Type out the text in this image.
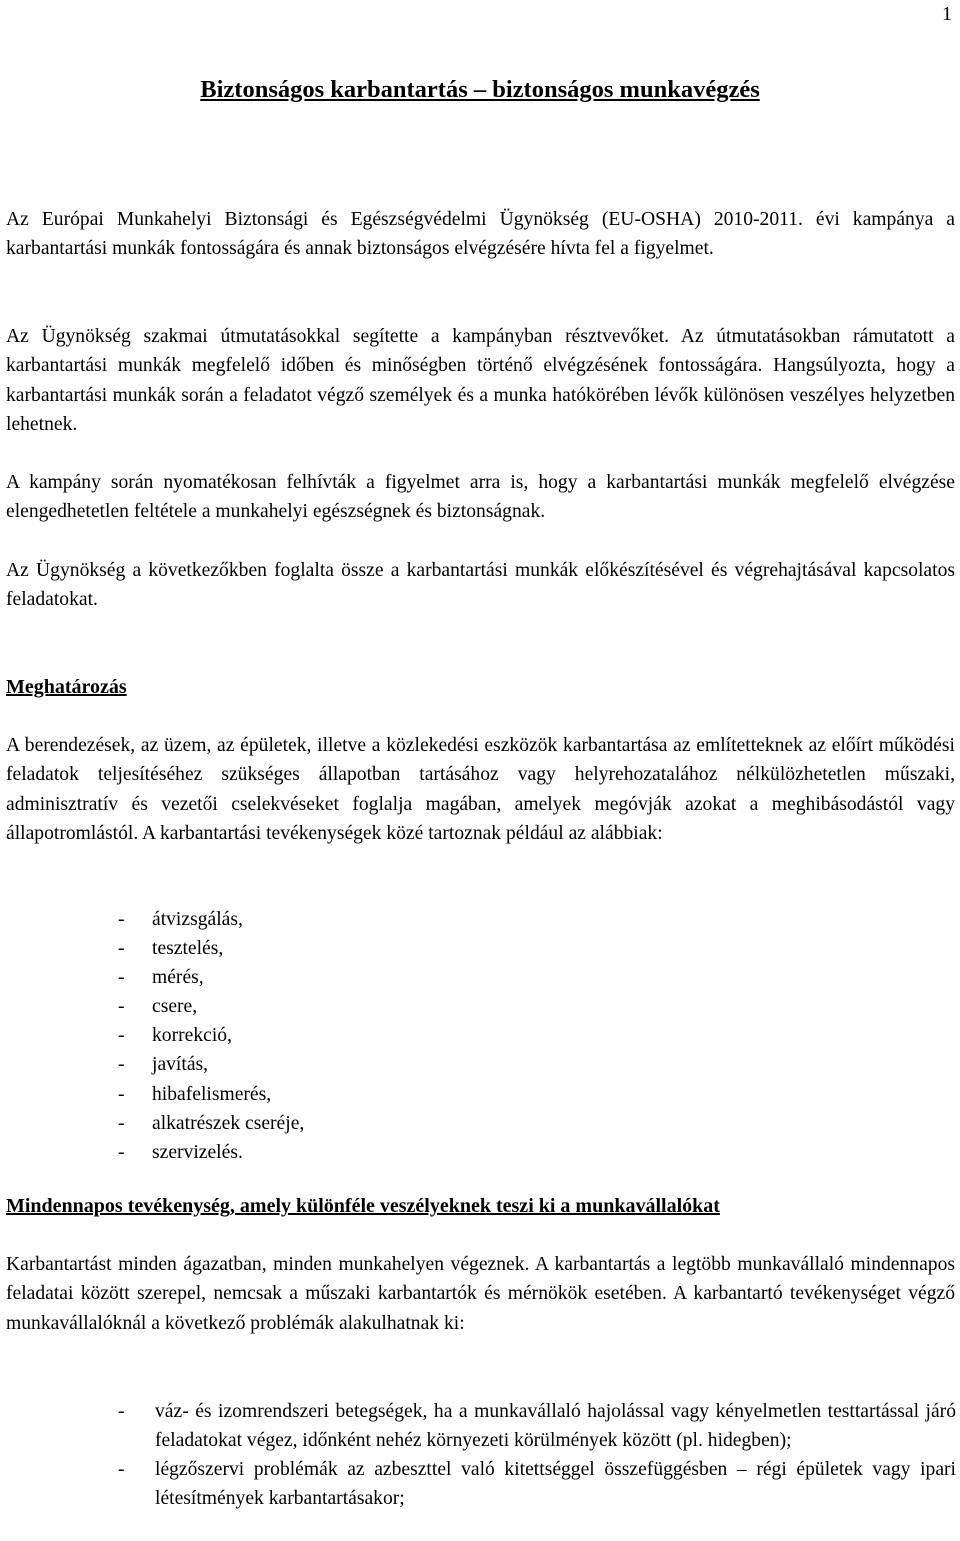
1
Biztonságos karbantartás – biztonságos munkavégzés

Az Európai Munkahelyi Biztonsági és Egészségvédelmi Ügynökség (EU-OSHA) 2010-2011. évi kampánya a karbantartási munkák fontosságára és annak biztonságos elvégzésére hívta fel a figyelmet.

Az Ügynökség szakmai útmutatásokkal segítette a kampányban résztvevőket. Az útmutatásokban rámutatott a karbantartási munkák megfelelő időben és minőségben történő elvégzésének fontosságára. Hangsúlyozta, hogy a karbantartási munkák során a feladatot végző személyek és a munka hatókörében lévők különösen veszélyes helyzetben lehetnek.

A kampány során nyomatékosan felhívták a figyelmet arra is, hogy a karbantartási munkák megfelelő elvégzése elengedhetetlen feltétele a munkahelyi egészségnek és biztonságnak.

Az Ügynökség a következőkben foglalta össze a karbantartási munkák előkészítésével és végrehajtásával kapcsolatos feladatokat.

Meghatározás

A berendezések, az üzem, az épületek, illetve a közlekedési eszközök karbantartása az említetteknek az előírt működési feladatok teljesítéséhez szükséges állapotban tartásához vagy helyrehozatalához nélkülözhetetlen műszaki, adminisztratív és vezetői cselekvéseket foglalja magában, amelyek megóvják azokat a meghibásodástól vagy állapotromlástól. A karbantartási tevékenységek közé tartoznak például az alábbiak:

- átvizsgálás,
- tesztelés,
- mérés,
- csere,
- korrekció,
- javítás,
- hibafelismerés,
- alkatrészek cseréje,
- szervizelés.
Mindennapos tevékenység, amely különféle veszélyeknek teszi ki a munkavállalókat

Karbantartást minden ágazatban, minden munkahelyen végeznek. A karbantartás a legtöbb munkavállaló mindennapos feladatai között szerepel, nemcsak a műszaki karbantartók és mérnökök esetében. A karbantartó tevékenységet végző munkavállalóknál a következő problémák alakulhatnak ki:

- váz- és izomrendszeri betegségek, ha a munkavállaló hajolással vagy kényelmetlen testtartással járó feladatokat végez, időnként nehéz környezeti körülmények között (pl. hidegben);
- légzőszervi problémák az azbeszttel való kitettséggel összefüggésben – régi épületek vagy ipari létesítmények karbantartásakor;
